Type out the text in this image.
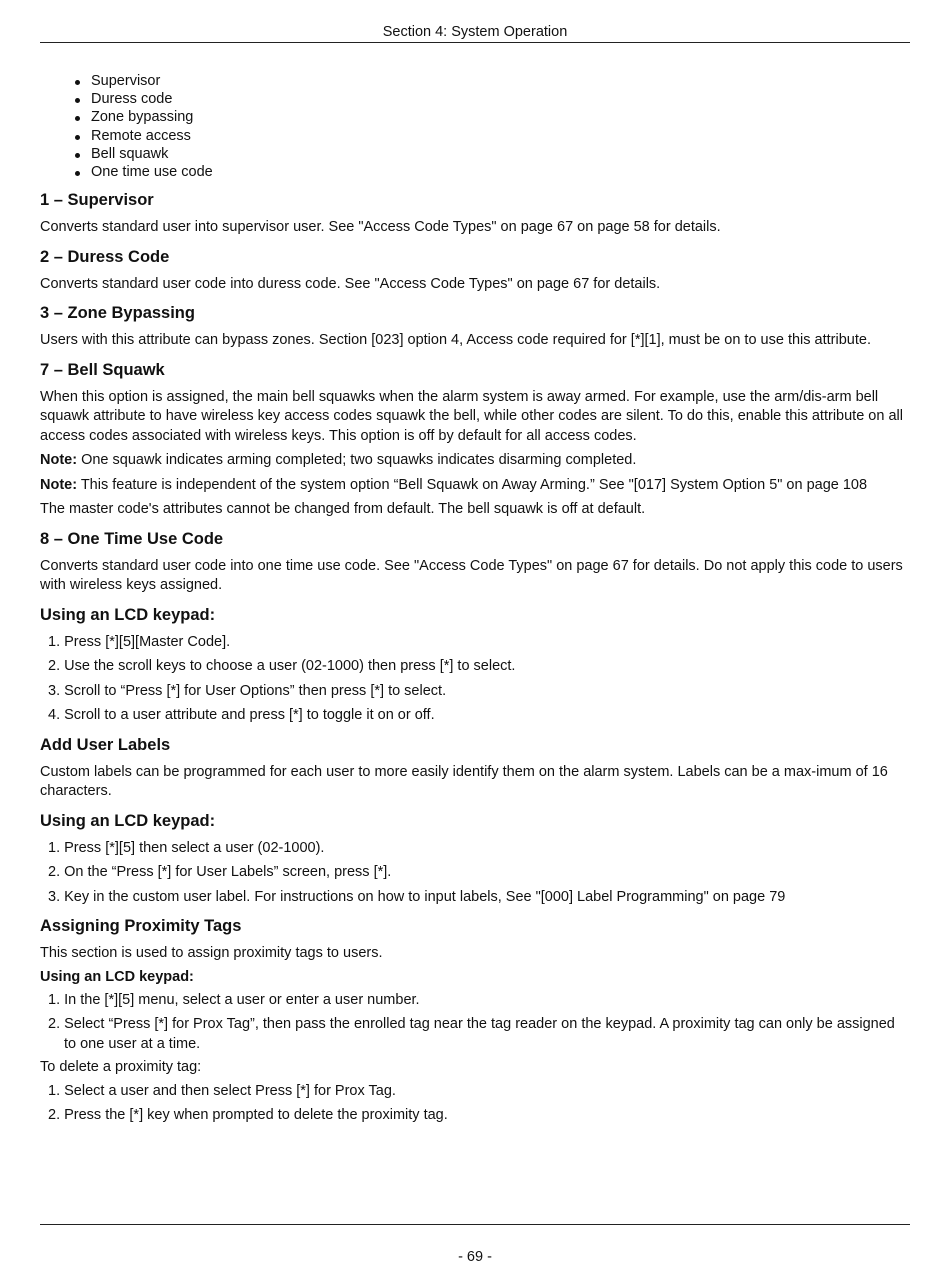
Section 4: System Operation
Supervisor
Duress code
Zone bypassing
Remote access
Bell squawk
One time use code
1 – Supervisor

Converts standard user into supervisor user. See "Access Code Types" on page 67 on page 58 for details.

2 – Duress Code

Converts standard user code into duress code. See "Access Code Types" on page 67 for details.

3 – Zone Bypassing

Users with this attribute can bypass zones. Section [023] option 4, Access code required for [*][1], must be on to use this attribute.

7 – Bell Squawk

When this option is assigned, the main bell squawks when the alarm system is away armed. For example, use the arm/dis-arm bell squawk attribute to have wireless key access codes squawk the bell, while other codes are silent. To do this, enable this attribute on all access codes associated with wireless keys. This option is off by default for all access codes.

Note: One squawk indicates arming completed; two squawks indicates disarming completed.

Note: This feature is independent of the system option “Bell Squawk on Away Arming.” See "[017] System Option 5" on page 108

The master code's attributes cannot be changed from default. The bell squawk is off at default.

8 – One Time Use Code

Converts standard user code into one time use code. See "Access Code Types" on page 67 for details. Do not apply this code to users with wireless keys assigned.

Using an LCD keypad:
1. Press [*][5][Master Code].
2. Use the scroll keys to choose a user (02-1000) then press [*] to select.
3. Scroll to “Press [*] for User Options” then press [*] to select.
4. Scroll to a user attribute and press [*] to toggle it on or off.
Add User Labels

Custom labels can be programmed for each user to more easily identify them on the alarm system. Labels can be a max-imum of 16 characters.

Using an LCD keypad:
1. Press [*][5] then select a user (02-1000).
2. On the “Press [*] for User Labels” screen, press [*].
3. Key in the custom user label. For instructions on how to input labels, See "[000] Label Programming" on page 79
Assigning Proximity Tags

This section is used to assign proximity tags to users.

Using an LCD keypad:

1. In the [*][5] menu, select a user or enter a user number.
2. Select “Press [*] for Prox Tag”, then pass the enrolled tag near the tag reader on the keypad. A proximity tag can only be assigned to one user at a time.

To delete a proximity tag:

1. Select a user and then select Press [*] for Prox Tag.
2. Press the [*] key when prompted to delete the proximity tag.
- 69 -
